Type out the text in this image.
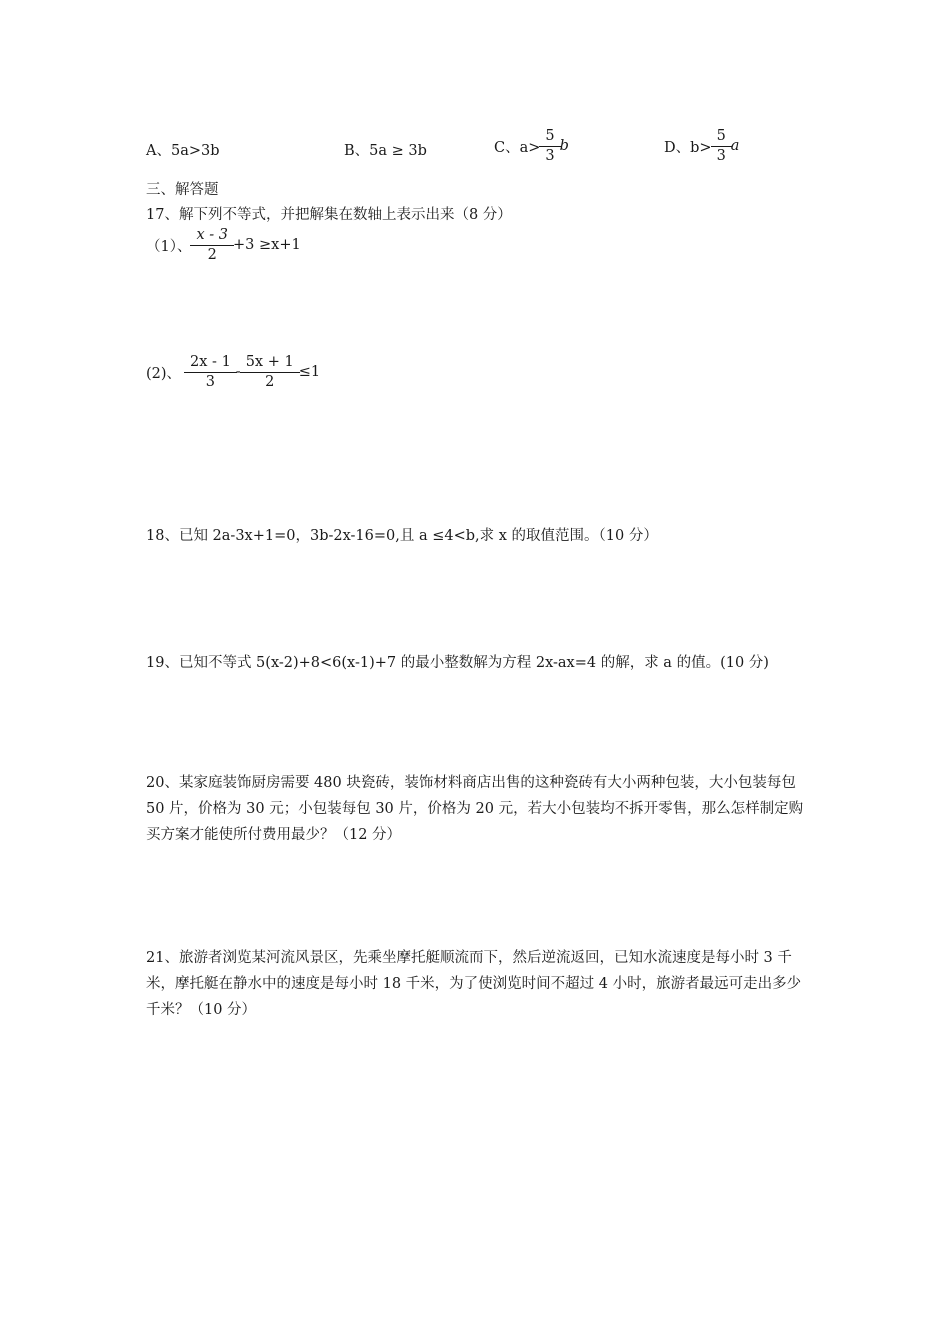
A、5a>3b	B、5a ≥ 3b	C、$a> \frac{5}{3}$ b	D、$b> \frac{5}{3}$ a
三、解答题
17、解下列不等式，并把解集在数轴上表示出来（8 分）
（1）、 $\frac{x - 3}{2} +3 \ge x+1$
(2)、 $\frac{2x - 1}{3} - \frac{5x + 1}{2} \le 1$
18、已知 2a-3x+1=0，3b-2x-16=0,且 a ≤4<b,求 x 的取值范围。（10 分）
19、已知不等式 5(x-2)+8<6(x-1)+7 的最小整数解为方程 2x-ax=4 的解，求 a 的值。(10 分)
20、某家庭装饰厨房需要 480 块瓷砖，装饰材料商店出售的这种瓷砖有大小两种包装，大小包装每包 50 片，价格为 30 元；小包装每包 30 片，价格为 20 元，若大小包装均不拆开零售，那么怎样制定购买方案才能使所付费用最少？（12 分）
21、旅游者浏览某河流风景区，先乘坐摩托艇顺流而下，然后逆流返回，已知水流速度是每小时 3 千米，摩托艇在静水中的速度是每小时 18 千米，为了使浏览时间不超过 4 小时，旅游者最远可走出多少千米？（10 分）
